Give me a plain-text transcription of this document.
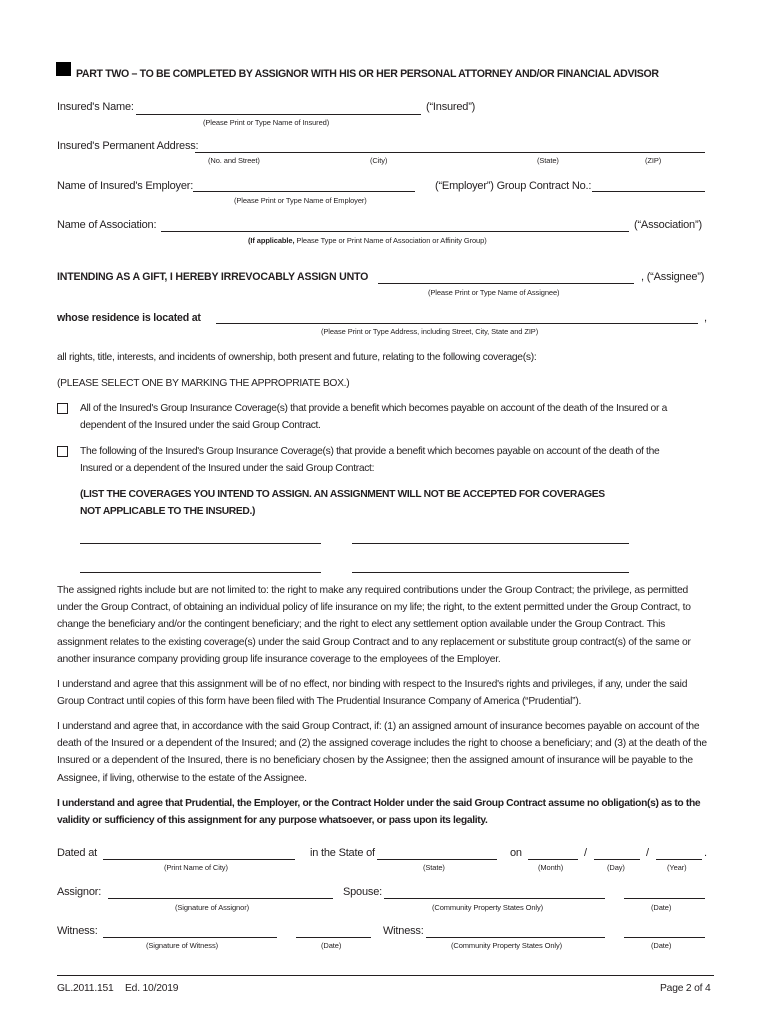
PART TWO – TO BE COMPLETED BY ASSIGNOR WITH HIS OR HER PERSONAL ATTORNEY AND/OR FINANCIAL ADVISOR
Insured's Name:	(“Insured”)
(Please Print or Type Name of Insured)
Insured's Permanent Address:
(No. and Street)	(City)	(State)	(ZIP)
Name of Insured's Employer:	(“Employer”) Group Contract No.:
(Please Print or Type Name of Employer)
Name of Association:	(“Association”)
(If applicable, Please Type or Print Name of Association or Affinity Group)
INTENDING AS A GIFT, I HEREBY IRREVOCABLY ASSIGN UNTO	, (“Assignee”)
(Please Print or Type Name of Assignee)
whose residence is located at	,
(Please Print or Type Address, including Street, City, State and ZIP)
all rights, title, interests, and incidents of ownership, both present and future, relating to the following coverage(s):
(PLEASE SELECT ONE BY MARKING THE APPROPRIATE BOX.)
All of the Insured's Group Insurance Coverage(s) that provide a benefit which becomes payable on account of the death of the Insured or a
dependent of the Insured under the said Group Contract.
The following of the Insured's Group Insurance Coverage(s) that provide a benefit which becomes payable on account of the death of the
Insured or a dependent of the Insured under the said Group Contract:
(LIST THE COVERAGES YOU INTEND TO ASSIGN. AN ASSIGNMENT WILL NOT BE ACCEPTED FOR COVERAGES
NOT APPLICABLE TO THE INSURED.)
The assigned rights include but are not limited to: the right to make any required contributions under the Group Contract; the privilege, as permitted under the Group Contract, of obtaining an individual policy of life insurance on my life; the right, to the extent permitted under the Group Contract, to change the beneficiary and/or the contingent beneficiary; and the right to elect any settlement option available under the Group Contract. This assignment relates to the existing coverage(s) under the said Group Contract and to any replacement or substitute group contract(s) of the same or another insurance company providing group life insurance coverage to the employees of the Employer.
I understand and agree that this assignment will be of no effect, nor binding with respect to the Insured's rights and privileges, if any, under the said Group Contract until copies of this form have been filed with The Prudential Insurance Company of America (“Prudential”).
I understand and agree that, in accordance with the said Group Contract, if: (1) an assigned amount of insurance becomes payable on account of the death of the Insured or a dependent of the Insured; and (2) the assigned coverage includes the right to choose a beneficiary; and (3) at the death of the Insured or a dependent of the Insured, there is no beneficiary chosen by the Assignee; then the assigned amount of insurance will be payable to the Assignee, if living, otherwise to the estate of the Assignee.
I understand and agree that Prudential, the Employer, or the Contract Holder under the said Group Contract assume no obligation(s) as to the validity or sufficiency of this assignment for any purpose whatsoever, or pass upon its legality.
Dated at	in the State of	on	/	/	.
(Print Name of City)	(State)	(Month)	(Day)	(Year)
Assignor:	Spouse:
(Signature of Assignor)	(Community Property States Only)	(Date)
Witness:	Witness:
(Signature of Witness)	(Date)	(Community Property States Only)	(Date)
GL.2011.151 Ed. 10/2019	Page 2 of 4
